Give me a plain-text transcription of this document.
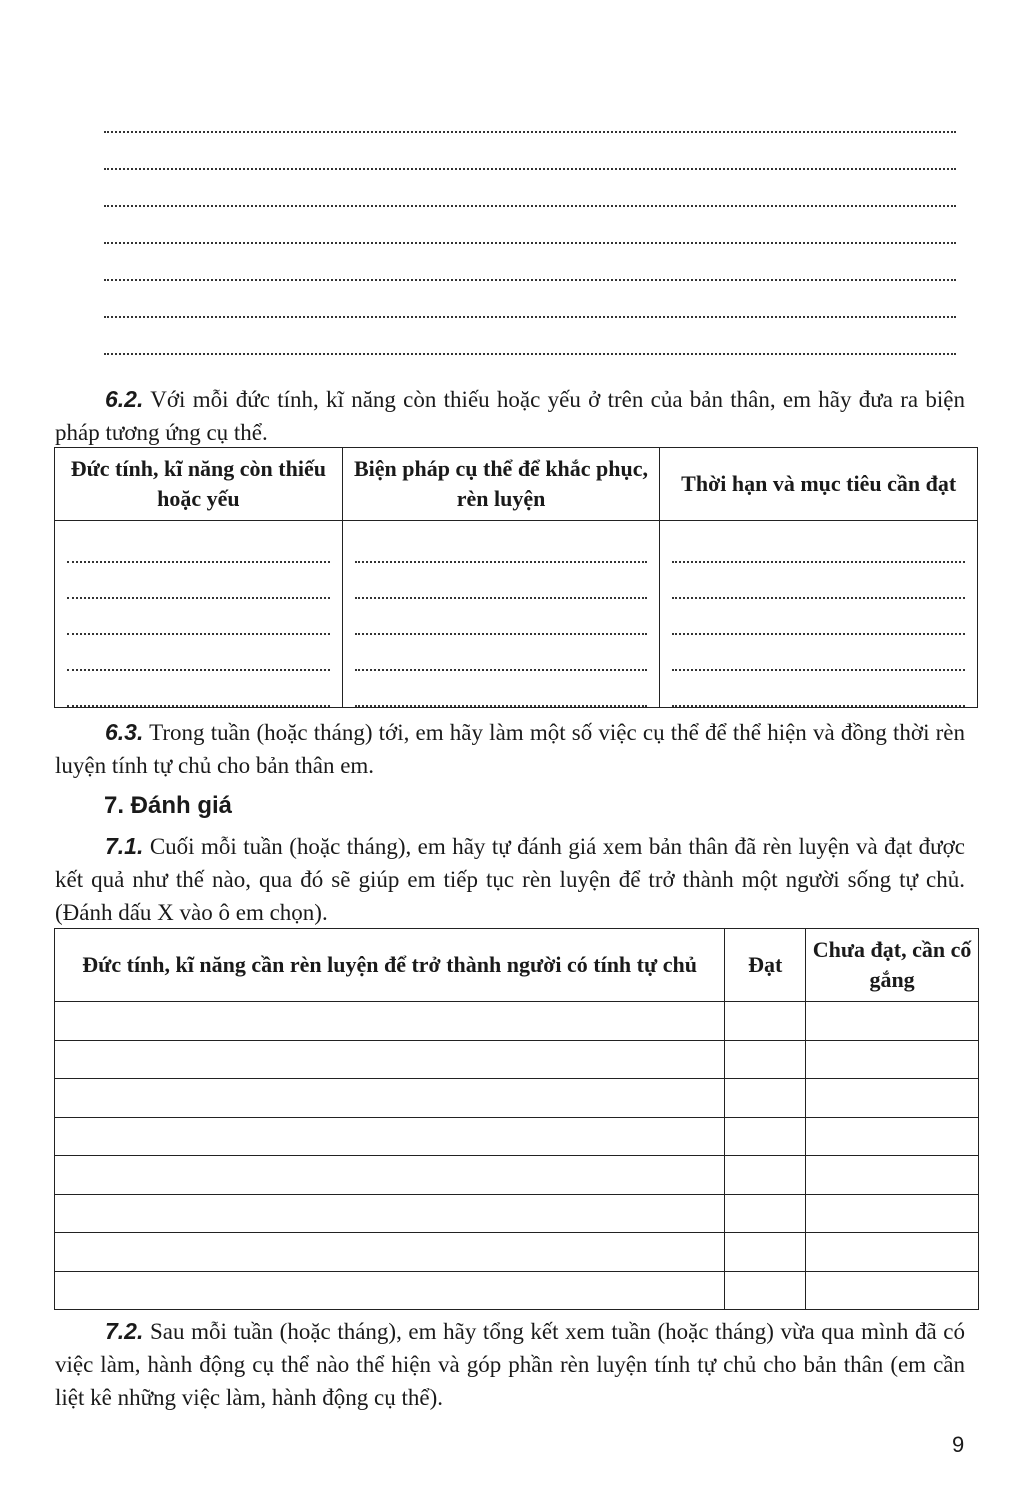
6.2. Với mỗi đức tính, kĩ năng còn thiếu hoặc yếu ở trên của bản thân, em hãy đưa ra biện pháp tương ứng cụ thể.
Đức tính, kĩ năng còn thiếu hoặc yếu	Biện pháp cụ thể để khắc phục, rèn luyện	Thời hạn và mục tiêu cần đạt

6.3. Trong tuần (hoặc tháng) tới, em hãy làm một số việc cụ thể để thể hiện và đồng thời rèn luyện tính tự chủ cho bản thân em.
7. Đánh giá
7.1. Cuối mỗi tuần (hoặc tháng), em hãy tự đánh giá xem bản thân đã rèn luyện và đạt được kết quả như thế nào, qua đó sẽ giúp em tiếp tục rèn luyện để trở thành một người sống tự chủ. (Đánh dấu X vào ô em chọn).
Đức tính, kĩ năng cần rèn luyện để trở thành người có tính tự chủ	Đạt	Chưa đạt, cần cố gắng

7.2. Sau mỗi tuần (hoặc tháng), em hãy tổng kết xem tuần (hoặc tháng) vừa qua mình đã có việc làm, hành động cụ thể nào thể hiện và góp phần rèn luyện tính tự chủ cho bản thân (em cần liệt kê những việc làm, hành động cụ thể).
9
